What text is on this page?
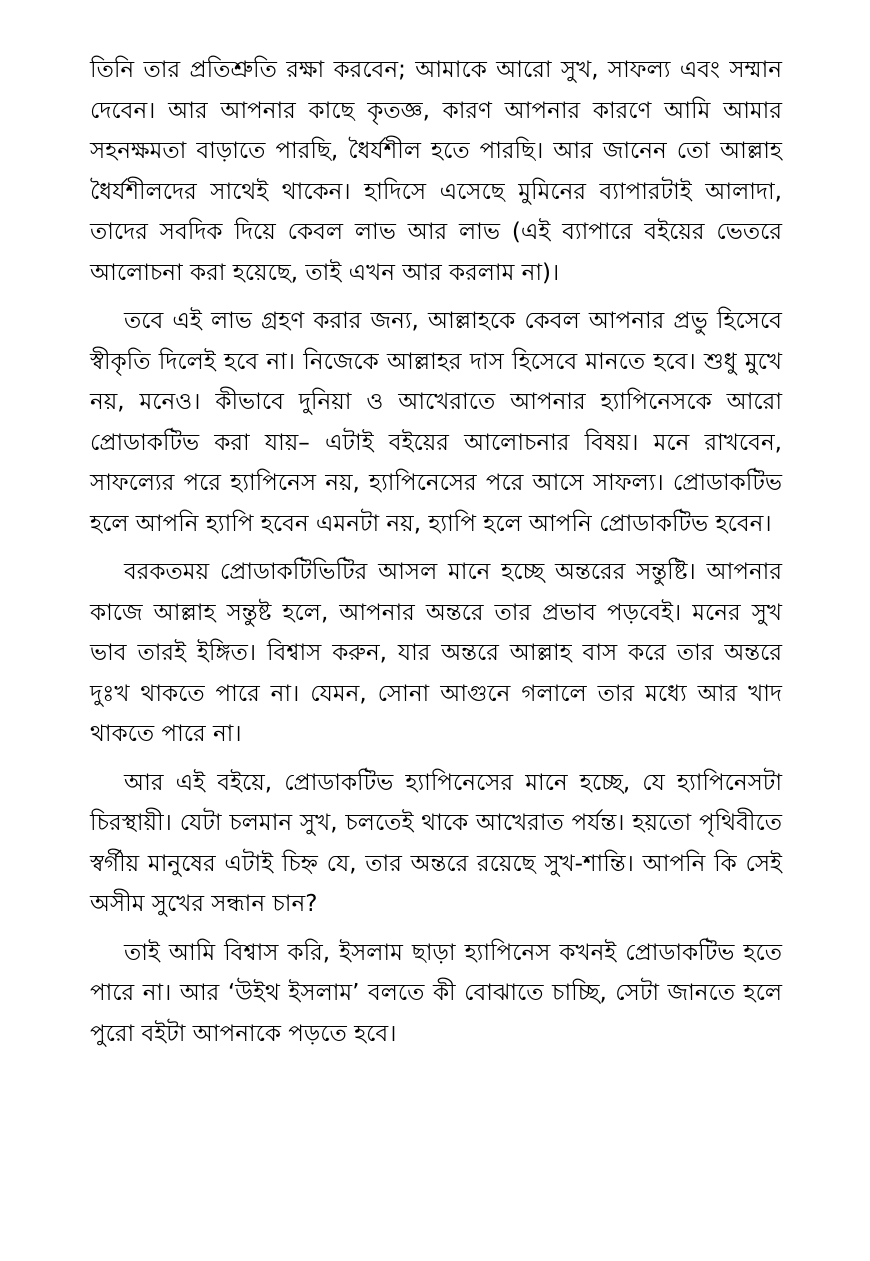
তিনি তার প্রতিশ্রুতি রক্ষা করবেন; আমাকে আরো সুখ, সাফল্য এবং সম্মান দেবেন। আর আপনার কাছে কৃতজ্ঞ, কারণ আপনার কারণে আমি আমার সহনক্ষমতা বাড়াতে পারছি, ধৈর্যশীল হতে পারছি। আর জানেন তো আল্লাহ ধৈর্যশীলদের সাথেই থাকেন। হাদিসে এসেছে মুমিনের ব্যাপারটাই আলাদা, তাদের সবদিক দিয়ে কেবল লাভ আর লাভ (এই ব্যাপারে বইয়ের ভেতরে আলোচনা করা হয়েছে, তাই এখন আর করলাম না)।

তবে এই লাভ গ্রহণ করার জন্য, আল্লাহকে কেবল আপনার প্রভু হিসেবে স্বীকৃতি দিলেই হবে না। নিজেকে আল্লাহর দাস হিসেবে মানতে হবে। শুধু মুখে নয়, মনেও। কীভাবে দুনিয়া ও আখেরাতে আপনার হ্যাপিনেসকে আরো প্রোডাকটিভ করা যায়– এটাই বইয়ের আলোচনার বিষয়। মনে রাখবেন, সাফল্যের পরে হ্যাপিনেস নয়, হ্যাপিনেসের পরে আসে সাফল্য। প্রোডাকটিভ হলে আপনি হ্যাপি হবেন এমনটা নয়, হ্যাপি হলে আপনি প্রোডাকটিভ হবেন।

বরকতময় প্রোডাকটিভিটির আসল মানে হচ্ছে অন্তরের সন্তুষ্টি। আপনার কাজে আল্লাহ সন্তুষ্ট হলে, আপনার অন্তরে তার প্রভাব পড়বেই। মনের সুখ ভাব তারই ইঙ্গিত। বিশ্বাস করুন, যার অন্তরে আল্লাহ বাস করে তার অন্তরে দুঃখ থাকতে পারে না। যেমন, সোনা আগুনে গলালে তার মধ্যে আর খাদ থাকতে পারে না।

আর এই বইয়ে, প্রোডাকটিভ হ্যাপিনেসের মানে হচ্ছে, যে হ্যাপিনেসটা চিরস্থায়ী। যেটা চলমান সুখ, চলতেই থাকে আখেরাত পর্যন্ত। হয়তো পৃথিবীতে স্বর্গীয় মানুষের এটাই চিহ্ন যে, তার অন্তরে রয়েছে সুখ-শান্তি। আপনি কি সেই অসীম সুখের সন্ধান চান?

তাই আমি বিশ্বাস করি, ইসলাম ছাড়া হ্যাপিনেস কখনই প্রোডাকটিভ হতে পারে না। আর ‘উইথ ইসলাম’ বলতে কী বোঝাতে চাচ্ছি, সেটা জানতে হলে পুরো বইটা আপনাকে পড়তে হবে।
